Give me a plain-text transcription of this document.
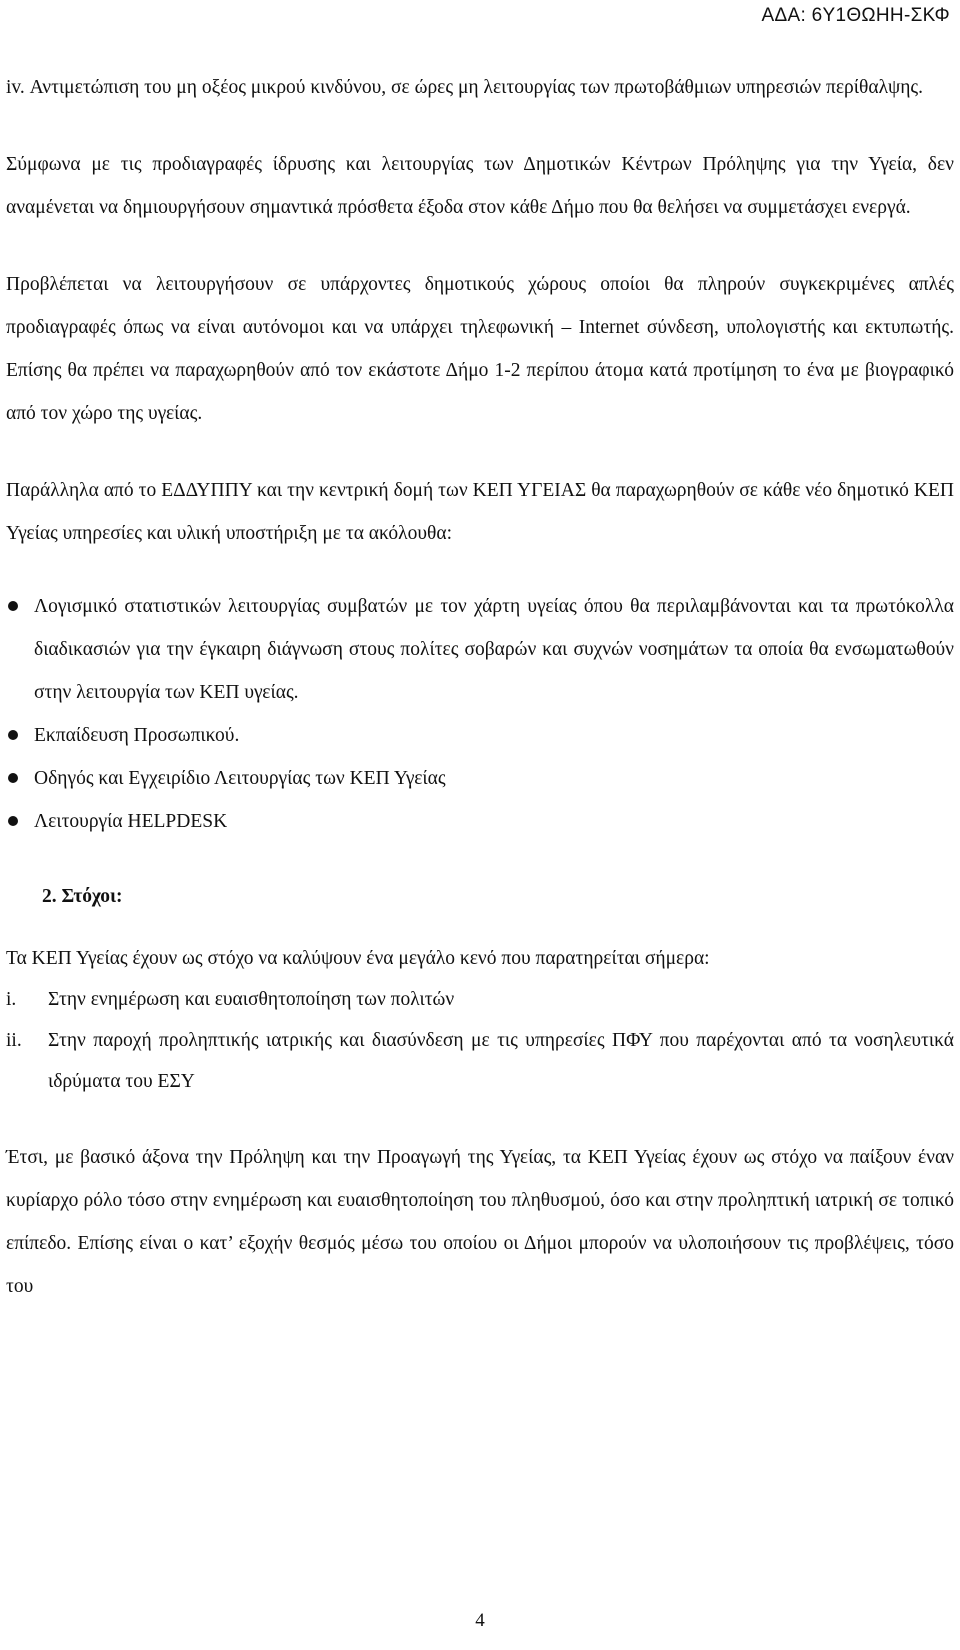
ΑΔΑ: 6Υ1ΘΩΗΗ-ΣΚΦ

iv. Αντιμετώπιση του μη οξέος μικρού κινδύνου, σε ώρες μη λειτουργίας των πρωτοβάθμιων υπηρεσιών περίθαλψης.

Σύμφωνα με τις προδιαγραφές ίδρυσης και λειτουργίας των Δημοτικών Κέντρων Πρόληψης για την Υγεία, δεν αναμένεται να δημιουργήσουν σημαντικά πρόσθετα έξοδα στον κάθε Δήμο που θα θελήσει να συμμετάσχει ενεργά.

Προβλέπεται να λειτουργήσουν σε υπάρχοντες δημοτικούς χώρους οποίοι θα πληρούν συγκεκριμένες απλές προδιαγραφές όπως να είναι αυτόνομοι και να υπάρχει τηλεφωνική – Internet σύνδεση, υπολογιστής και εκτυπωτής. Επίσης θα πρέπει να παραχωρηθούν από τον εκάστοτε Δήμο 1-2 περίπου άτομα κατά προτίμηση το ένα με βιογραφικό από τον χώρο της υγείας.

Παράλληλα από το ΕΔΔΥΠΠΥ και την κεντρική δομή των ΚΕΠ ΥΓΕΙΑΣ θα παραχωρηθούν σε κάθε νέο δημοτικό ΚΕΠ Υγείας υπηρεσίες και υλική υποστήριξη με τα ακόλουθα:

Λογισμικό στατιστικών λειτουργίας συμβατών με τον χάρτη υγείας όπου θα περιλαμβάνονται και τα πρωτόκολλα διαδικασιών για την έγκαιρη διάγνωση στους πολίτες σοβαρών και συχνών νοσημάτων τα οποία θα ενσωματωθούν στην λειτουργία των ΚΕΠ υγείας.
Εκπαίδευση Προσωπικού.
Οδηγός και Εγχειρίδιο Λειτουργίας των ΚΕΠ Υγείας
Λειτουργία HELPDESK

2. Στόχοι:

Τα ΚΕΠ Υγείας έχουν ως στόχο να καλύψουν ένα μεγάλο κενό που παρατηρείται σήμερα:

i. Στην ενημέρωση και ευαισθητοποίηση των πολιτών
ii. Στην παροχή προληπτικής ιατρικής και διασύνδεση με τις υπηρεσίες ΠΦΥ που παρέχονται από τα νοσηλευτικά ιδρύματα του ΕΣΥ

Έτσι, με βασικό άξονα την Πρόληψη και την Προαγωγή της Υγείας, τα ΚΕΠ Υγείας έχουν ως στόχο να παίξουν έναν κυρίαρχο ρόλο τόσο στην ενημέρωση και ευαισθητοποίηση του πληθυσμού, όσο και στην προληπτική ιατρική σε τοπικό επίπεδο. Επίσης είναι ο κατ’ εξοχήν θεσμός μέσω του οποίου οι Δήμοι μπορούν να υλοποιήσουν τις προβλέψεις, τόσο του

4
